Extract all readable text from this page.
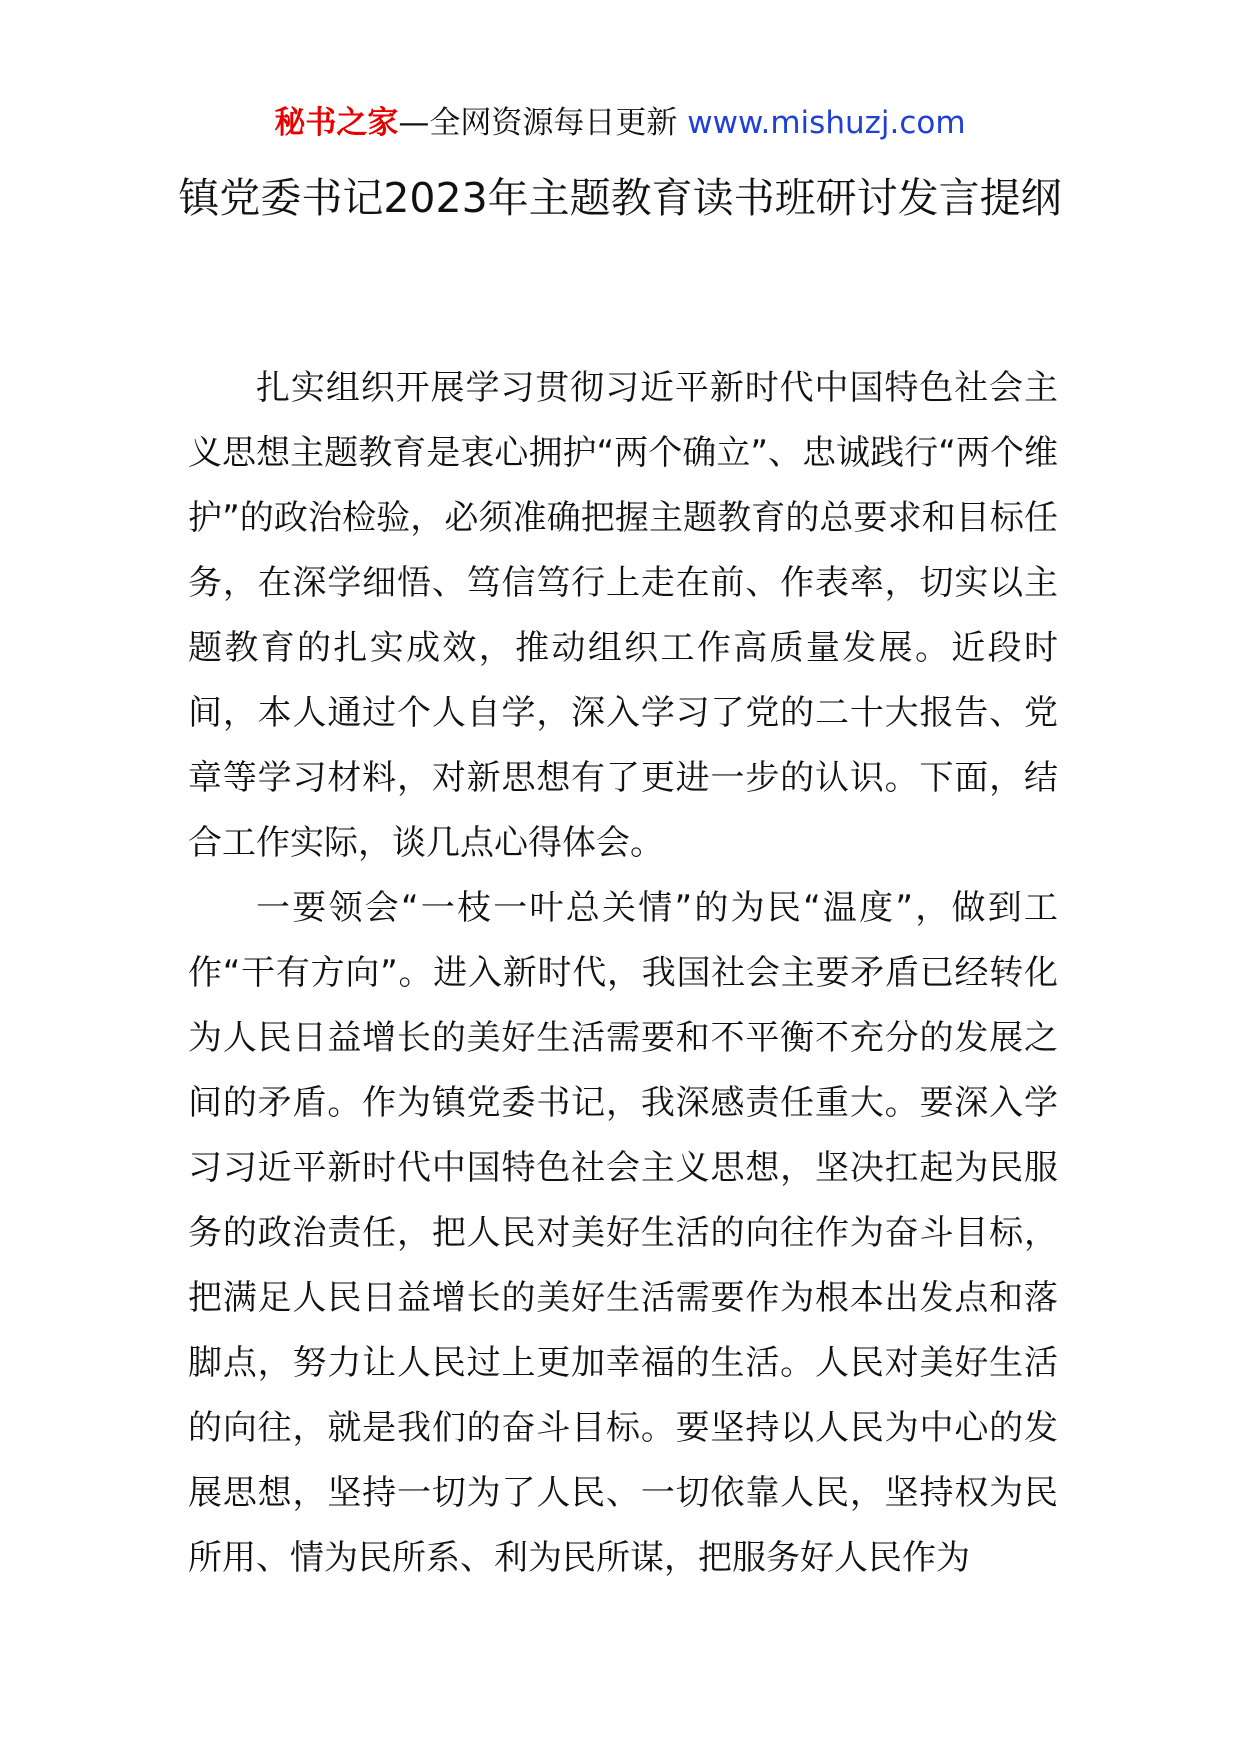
秘书之家—全网资源每日更新 www.mishuzj.com
镇党委书记2023年主题教育读书班研讨发言提纲

扎实组织开展学习贯彻习近平新时代中国特色社会主义思想主题教育是衷心拥护“两个确立”、忠诚践行“两个维护”的政治检验，必须准确把握主题教育的总要求和目标任务，在深学细悟、笃信笃行上走在前、作表率，切实以主题教育的扎实成效，推动组织工作高质量发展。近段时间，本人通过个人自学，深入学习了党的二十大报告、党章等学习材料，对新思想有了更进一步的认识。下面，结合工作实际，谈几点心得体会。

一要领会“一枝一叶总关情”的为民“温度”，做到工作“干有方向”。进入新时代，我国社会主要矛盾已经转化为人民日益增长的美好生活需要和不平衡不充分的发展之间的矛盾。作为镇党委书记，我深感责任重大。要深入学习习近平新时代中国特色社会主义思想，坚决扛起为民服务的政治责任，把人民对美好生活的向往作为奋斗目标，把满足人民日益增长的美好生活需要作为根本出发点和落脚点，努力让人民过上更加幸福的生活。人民对美好生活的向往，就是我们的奋斗目标。要坚持以人民为中心的发展思想，坚持一切为了人民、一切依靠人民，坚持权为民所用、情为民所系、利为民所谋，把服务好人民作为
